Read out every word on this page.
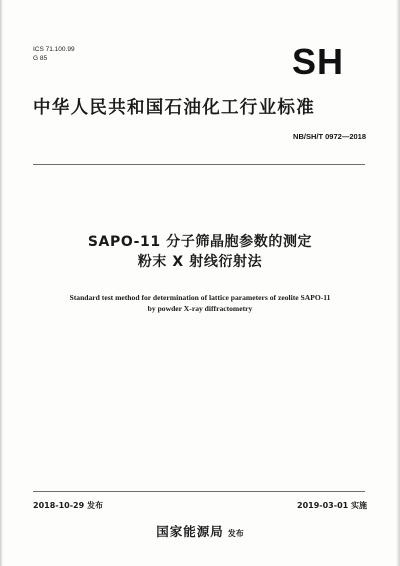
ICS 71.100.99
G 85	SH
中华人民共和国石油化工行业标准
NB/SH/T 0972—2018
SAPO-11 分子筛晶胞参数的测定
粉末 X 射线衍射法
Standard test method for determination of lattice parameters of zeolite SAPO-11
by powder X-ray diffractometry
2018-10-29 发布	2019-03-01 实施
国家能源局 发布
